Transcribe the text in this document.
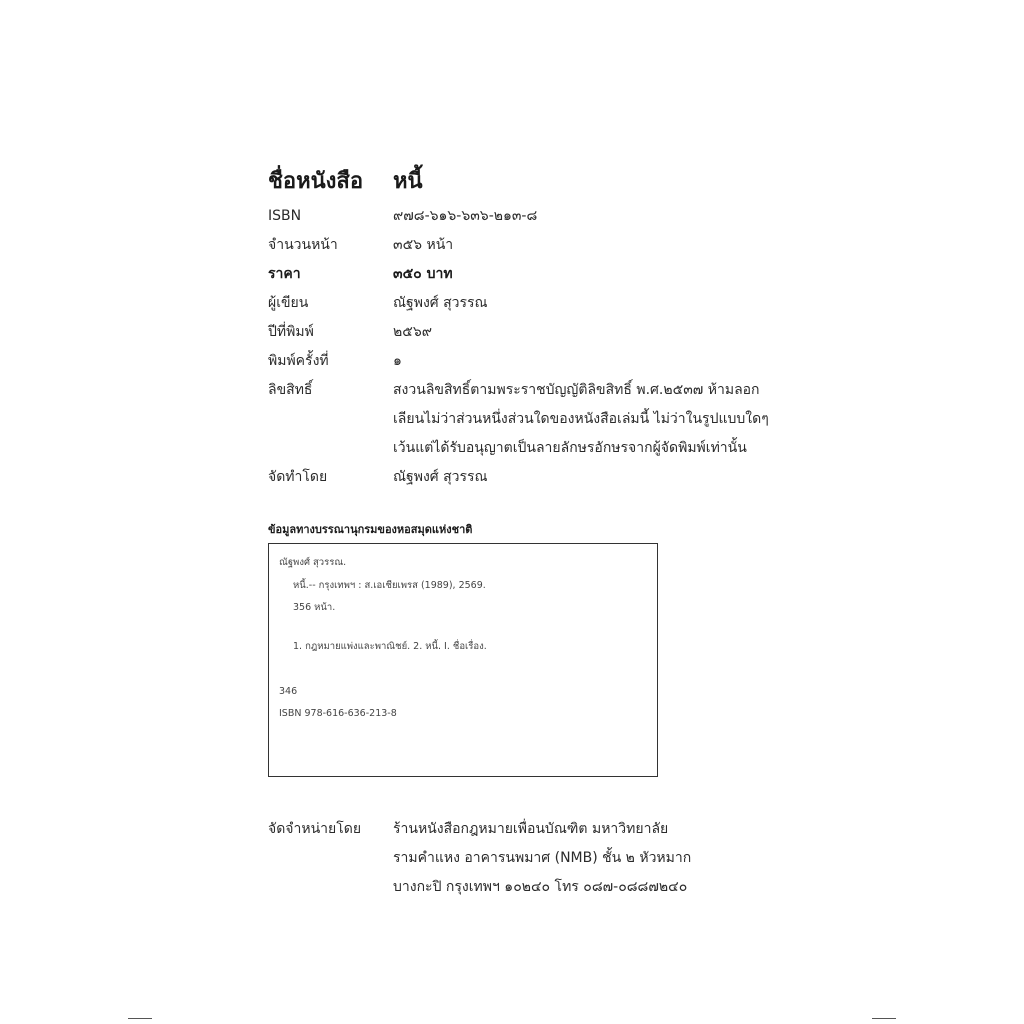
ชื่อหนังสือ	หนี้
ISBN	๙๗๘-๖๑๖-๖๓๖-๒๑๓-๘
จำนวนหน้า	๓๕๖ หน้า
ราคา	๓๕๐ บาท
ผู้เขียน	ณัฐพงศ์ สุวรรณ
ปีที่พิมพ์	๒๕๖๙
พิมพ์ครั้งที่	๑
ลิขสิทธิ์	สงวนลิขสิทธิ์ตามพระราชบัญญัติลิขสิทธิ์ พ.ศ.๒๕๓๗ ห้ามลอก
เลียนไม่ว่าส่วนหนึ่งส่วนใดของหนังสือเล่มนี้ ไม่ว่าในรูปแบบใดๆ
เว้นแต่ได้รับอนุญาตเป็นลายลักษรอักษรจากผู้จัดพิมพ์เท่านั้น
จัดทำโดย	ณัฐพงศ์ สุวรรณ
ข้อมูลทางบรรณานุกรมของหอสมุดแห่งชาติ
ณัฐพงศ์ สุวรรณ.
หนี้.-- กรุงเทพฯ : ส.เอเชียเพรส (1989), 2569.
356 หน้า.
1. กฎหมายแพ่งและพาณิชย์. 2. หนี้. I. ชื่อเรื่อง.
346
ISBN 978-616-636-213-8
จัดจำหน่ายโดย	ร้านหนังสือกฎหมายเพื่อนบัณฑิต มหาวิทยาลัย
รามคำแหง อาคารนพมาศ (NMB) ชั้น ๒ หัวหมาก
บางกะปิ กรุงเทพฯ ๑๐๒๔๐ โทร ๐๘๗-๐๘๘๗๒๔๐
